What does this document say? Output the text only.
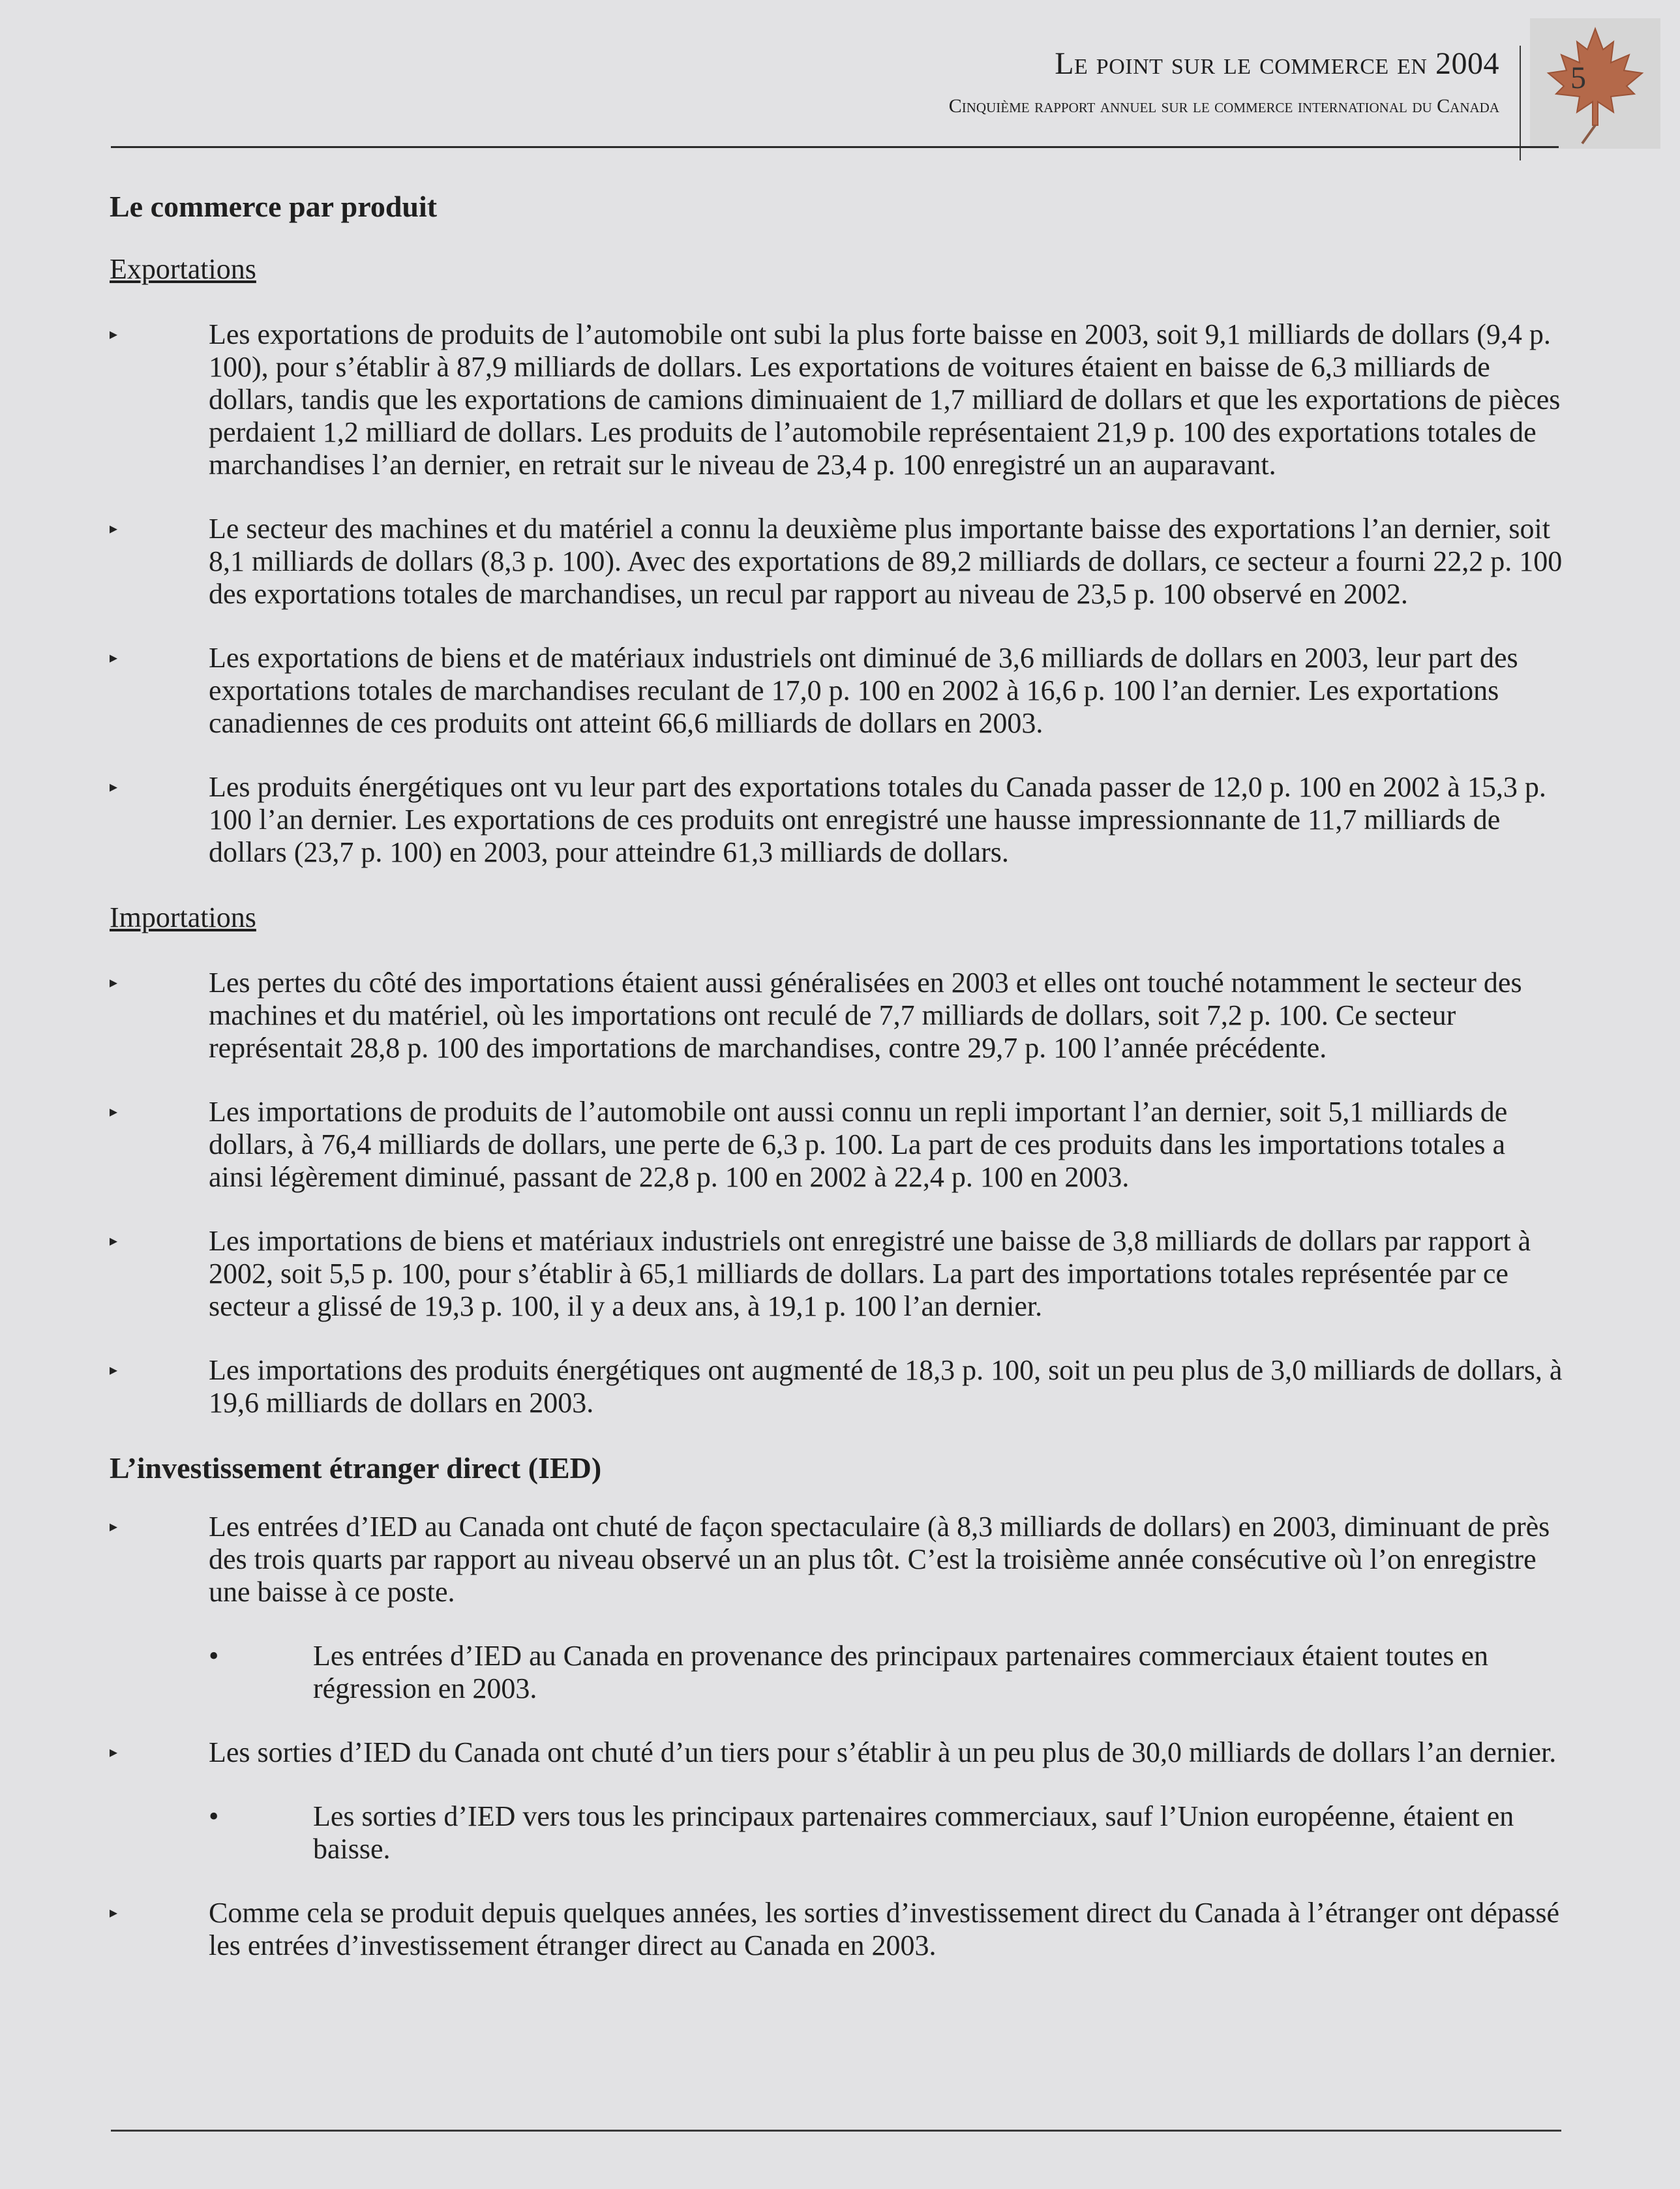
Le point sur le commerce en 2004
Cinquième rapport annuel sur le commerce international du Canada
5
Le commerce par produit
Exportations
▸	Les exportations de produits de l’automobile ont subi la plus forte baisse en 2003, soit 9,1 milliards de dollars (9,4 p. 100), pour s’établir à 87,9 milliards de dollars. Les exportations de voitures étaient en baisse de 6,3 milliards de dollars, tandis que les exportations de camions diminuaient de 1,7 milliard de dollars et que les exportations de pièces perdaient 1,2 milliard de dollars. Les produits de l’automobile représentaient 21,9 p. 100 des exportations totales de marchandises l’an dernier, en retrait sur le niveau de 23,4 p. 100 enregistré un an auparavant.
▸	Le secteur des machines et du matériel a connu la deuxième plus importante baisse des exportations l’an dernier, soit 8,1 milliards de dollars (8,3 p. 100). Avec des exportations de 89,2 milliards de dollars, ce secteur a fourni 22,2 p. 100 des exportations totales de marchandises, un recul par rapport au niveau de 23,5 p. 100 observé en 2002.
▸	Les exportations de biens et de matériaux industriels ont diminué de 3,6 milliards de dollars en 2003, leur part des exportations totales de marchandises reculant de 17,0 p. 100 en 2002 à 16,6 p. 100 l’an dernier. Les exportations canadiennes de ces produits ont atteint 66,6 milliards de dollars en 2003.
▸	Les produits énergétiques ont vu leur part des exportations totales du Canada passer de 12,0 p. 100 en 2002 à 15,3 p. 100 l’an dernier. Les exportations de ces produits ont enregistré une hausse impressionnante de 11,7 milliards de dollars (23,7 p. 100) en 2003, pour atteindre 61,3 milliards de dollars.
Importations
▸	Les pertes du côté des importations étaient aussi généralisées en 2003 et elles ont touché notamment le secteur des machines et du matériel, où les importations ont reculé de 7,7 milliards de dollars, soit 7,2 p. 100. Ce secteur représentait 28,8 p. 100 des importations de marchandises, contre 29,7 p. 100 l’année précédente.
▸	Les importations de produits de l’automobile ont aussi connu un repli important l’an dernier, soit 5,1 milliards de dollars, à 76,4 milliards de dollars, une perte de 6,3 p. 100. La part de ces produits dans les importations totales a ainsi légèrement diminué, passant de 22,8 p. 100 en 2002 à 22,4 p. 100 en 2003.
▸	Les importations de biens et matériaux industriels ont enregistré une baisse de 3,8 milliards de dollars par rapport à 2002, soit 5,5 p. 100, pour s’établir à 65,1 milliards de dollars. La part des importations totales représentée par ce secteur a glissé de 19,3 p. 100, il y a deux ans, à 19,1 p. 100 l’an dernier.
▸	Les importations des produits énergétiques ont augmenté de 18,3 p. 100, soit un peu plus de 3,0 milliards de dollars, à 19,6 milliards de dollars en 2003.
L’investissement étranger direct (IED)
▸	Les entrées d’IED au Canada ont chuté de façon spectaculaire (à 8,3 milliards de dollars) en 2003, diminuant de près des trois quarts par rapport au niveau observé un an plus tôt. C’est la troisième année consécutive où l’on enregistre une baisse à ce poste.
•	Les entrées d’IED au Canada en provenance des principaux partenaires commerciaux étaient toutes en régression en 2003.
▸	Les sorties d’IED du Canada ont chuté d’un tiers pour s’établir à un peu plus de 30,0 milliards de dollars l’an dernier.
•	Les sorties d’IED vers tous les principaux partenaires commerciaux, sauf l’Union européenne, étaient en baisse.
▸	Comme cela se produit depuis quelques années, les sorties d’investissement direct du Canada à l’étranger ont dépassé les entrées d’investissement étranger direct au Canada en 2003.
